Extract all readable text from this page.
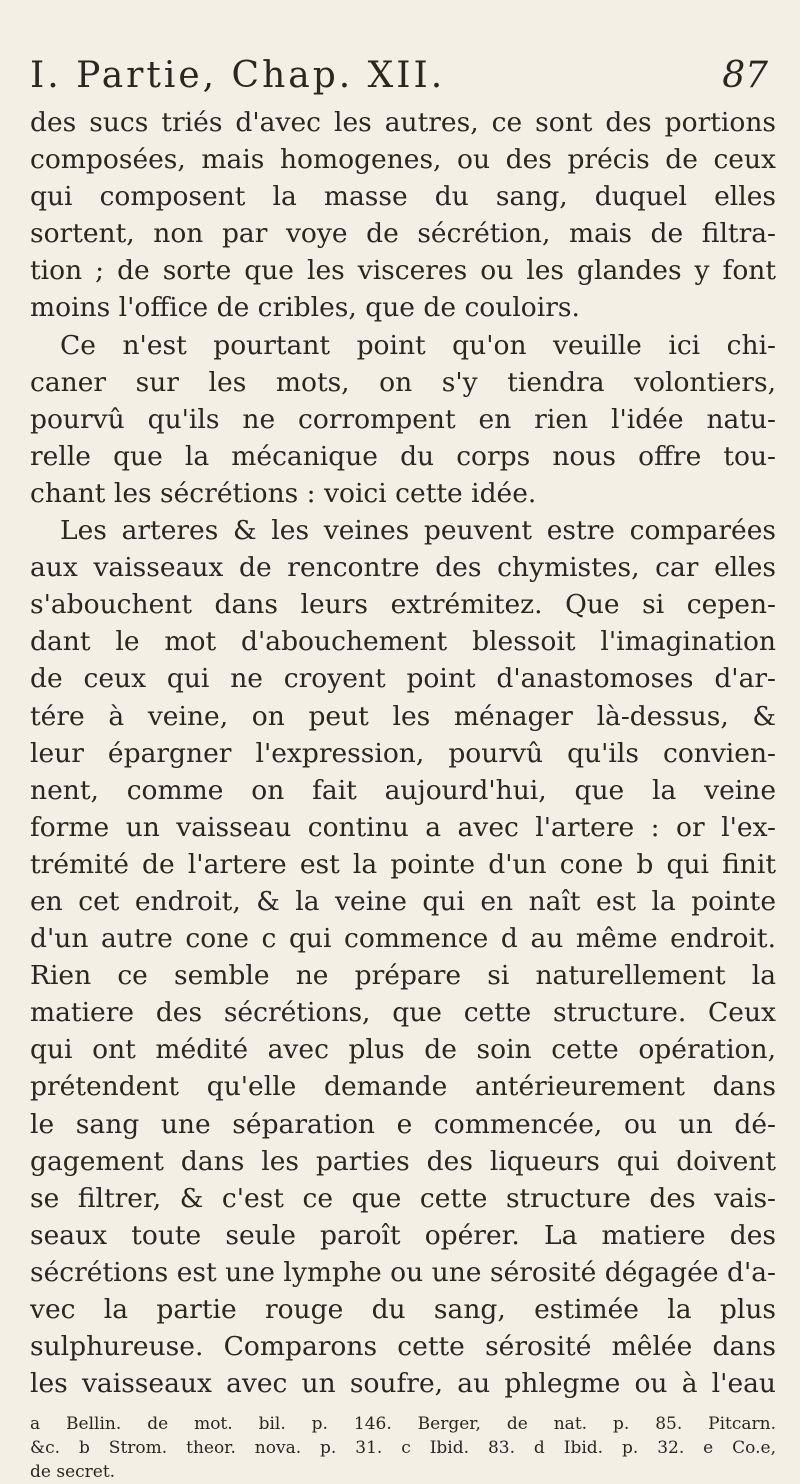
I. Partie, Chap. XII.	87
des sucs triés d'avec les autres, ce sont des portions
composées, mais homogenes, ou des précis de ceux
qui composent la masse du sang, duquel elles
sortent, non par voye de sécrétion, mais de filtra-
tion ; de sorte que les visceres ou les glandes y font
moins l'office de cribles, que de couloirs.
Ce n'est pourtant point qu'on veuille ici chi-
caner sur les mots, on s'y tiendra volontiers,
pourvû qu'ils ne corrompent en rien l'idée natu-
relle que la mécanique du corps nous offre tou-
chant les sécrétions : voici cette idée.
Les arteres & les veines peuvent estre comparées
aux vaisseaux de rencontre des chymistes, car elles
s'abouchent dans leurs extrémitez. Que si cepen-
dant le mot d'abouchement blessoit l'imagination
de ceux qui ne croyent point d'anastomoses d'ar-
tére à veine, on peut les ménager là-dessus, &
leur épargner l'expression, pourvû qu'ils convien-
nent, comme on fait aujourd'hui, que la veine
forme un vaisseau continu a avec l'artere : or l'ex-
trémité de l'artere est la pointe d'un cone b qui finit
en cet endroit, & la veine qui en naît est la pointe
d'un autre cone c qui commence d au même endroit.
Rien ce semble ne prépare si naturellement la
matiere des sécrétions, que cette structure. Ceux
qui ont médité avec plus de soin cette opération,
prétendent qu'elle demande antérieurement dans
le sang une séparation e commencée, ou un dé-
gagement dans les parties des liqueurs qui doivent
se filtrer, & c'est ce que cette structure des vais-
seaux toute seule paroît opérer. La matiere des
sécrétions est une lymphe ou une sérosité dégagée d'a-
vec la partie rouge du sang, estimée la plus
sulphureuse. Comparons cette sérosité mêlée dans
les vaisseaux avec un soufre, au phlegme ou à l'eau
a Bellin. de mot. bil. p. 146. Berger, de nat. p. 85. Pitcarn.
&c. b Strom. theor. nova. p. 31. c Ibid. 83. d Ibid. p. 32. e Co.e,
de secret.
